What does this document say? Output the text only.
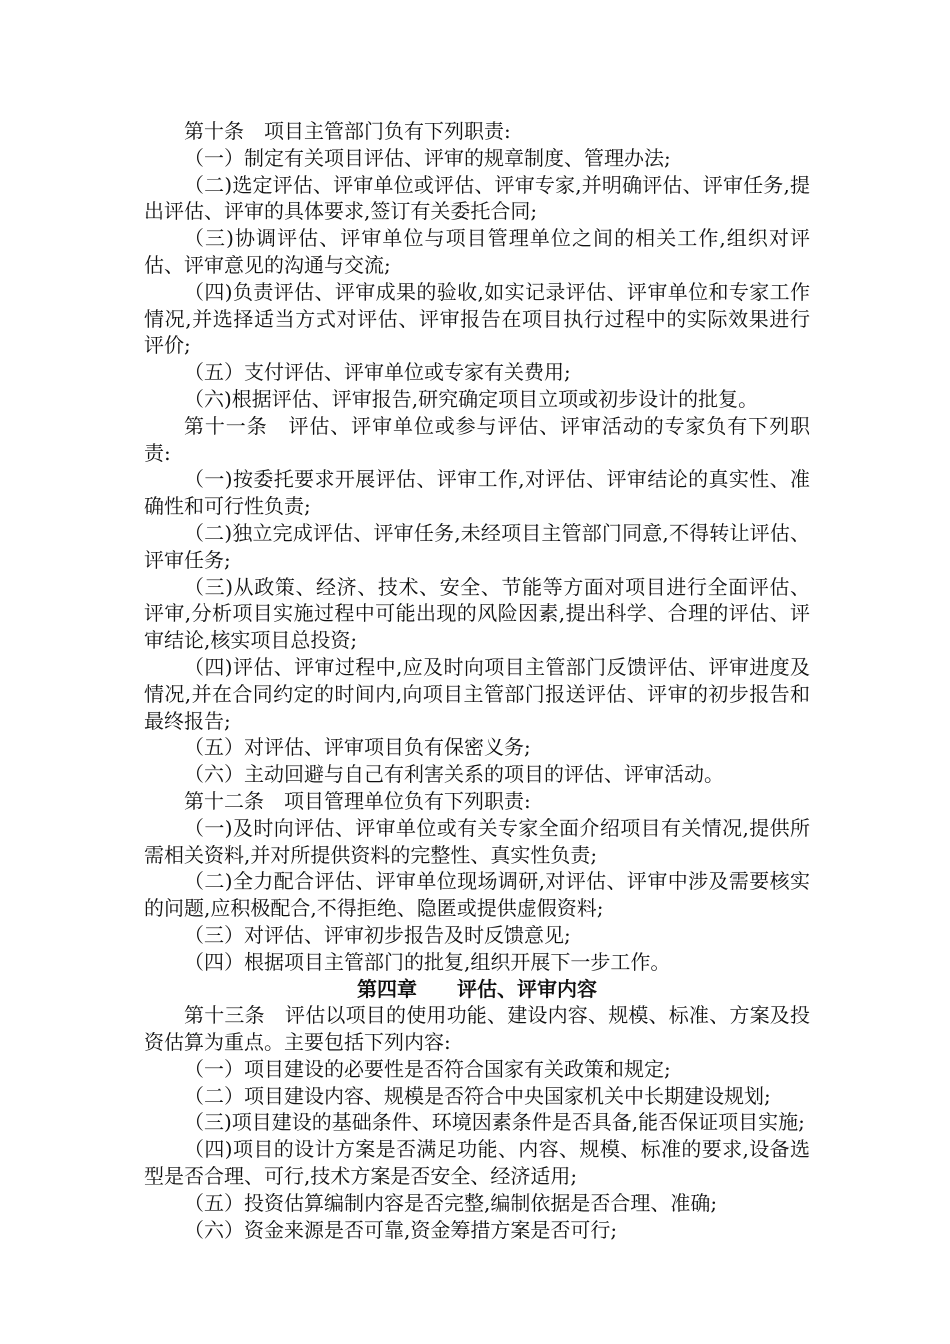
第十条　项目主管部门负有下列职责:

（一）制定有关项目评估、评审的规章制度、管理办法;

（二)选定评估、评审单位或评估、评审专家,并明确评估、评审任务,提出评估、评审的具体要求,签订有关委托合同;

（三)协调评估、评审单位与项目管理单位之间的相关工作,组织对评估、评审意见的沟通与交流;

（四)负责评估、评审成果的验收,如实记录评估、评审单位和专家工作情况,并选择适当方式对评估、评审报告在项目执行过程中的实际效果进行评价;

（五）支付评估、评审单位或专家有关费用;

（六)根据评估、评审报告,研究确定项目立项或初步设计的批复。

第十一条　评估、评审单位或参与评估、评审活动的专家负有下列职责:

（一)按委托要求开展评估、评审工作,对评估、评审结论的真实性、准确性和可行性负责;

（二)独立完成评估、评审任务,未经项目主管部门同意,不得转让评估、评审任务;

（三)从政策、经济、技术、安全、节能等方面对项目进行全面评估、评审,分析项目实施过程中可能出现的风险因素,提出科学、合理的评估、评审结论,核实项目总投资;

（四)评估、评审过程中,应及时向项目主管部门反馈评估、评审进度及情况,并在合同约定的时间内,向项目主管部门报送评估、评审的初步报告和最终报告;

（五）对评估、评审项目负有保密义务;

（六）主动回避与自己有利害关系的项目的评估、评审活动。

第十二条　项目管理单位负有下列职责:

（一)及时向评估、评审单位或有关专家全面介绍项目有关情况,提供所需相关资料,并对所提供资料的完整性、真实性负责;

（二)全力配合评估、评审单位现场调研,对评估、评审中涉及需要核实的问题,应积极配合,不得拒绝、隐匿或提供虚假资料;

（三）对评估、评审初步报告及时反馈意见;

（四）根据项目主管部门的批复,组织开展下一步工作。

第四章　　评估、评审内容

第十三条　评估以项目的使用功能、建设内容、规模、标准、方案及投资估算为重点。主要包括下列内容:

（一）项目建设的必要性是否符合国家有关政策和规定;

（二）项目建设内容、规模是否符合中央国家机关中长期建设规划;

（三)项目建设的基础条件、环境因素条件是否具备,能否保证项目实施;

（四)项目的设计方案是否满足功能、内容、规模、标准的要求,设备选型是否合理、可行,技术方案是否安全、经济适用;

（五）投资估算编制内容是否完整,编制依据是否合理、准确;

（六）资金来源是否可靠,资金筹措方案是否可行;
